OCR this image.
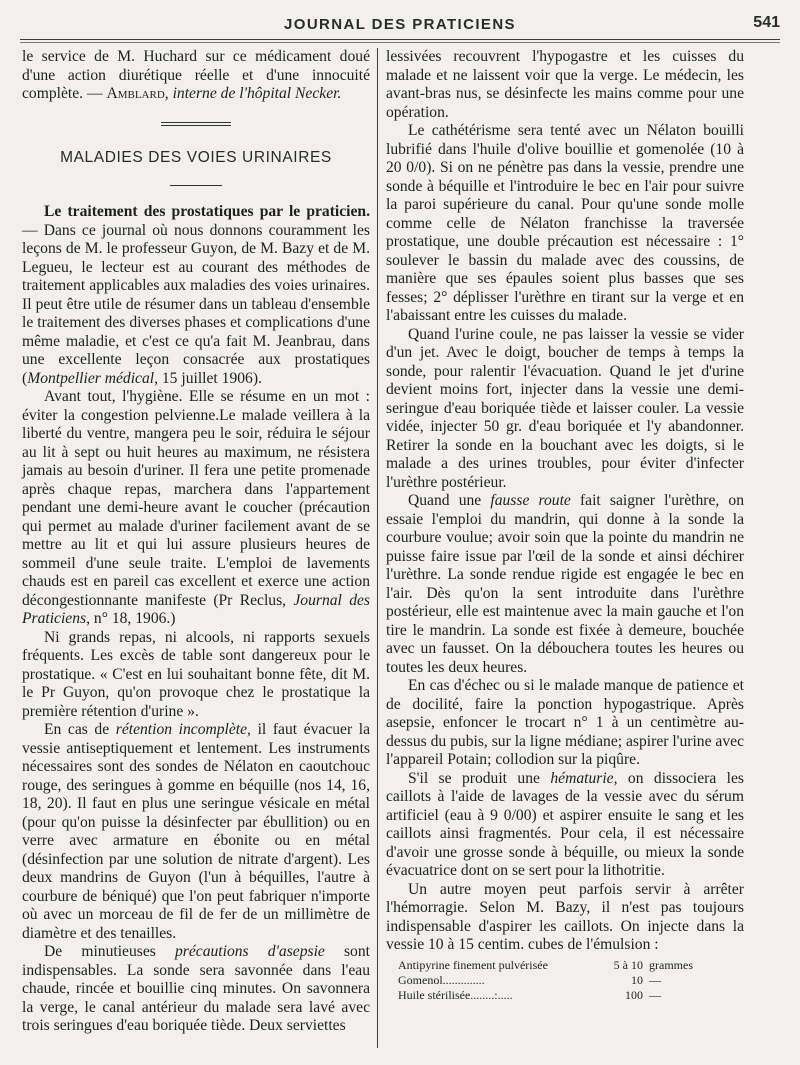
JOURNAL DES PRATICIENS	541

le service de M. Huchard sur ce médicament doué d'une action diurétique réelle et d'une innocuité complète. — Amblard, interne de l'hôpital Necker.

MALADIES DES VOIES URINAIRES

Le traitement des prostatiques par le praticien. — Dans ce journal où nous donnons couramment les leçons de M. le professeur Guyon, de M. Bazy et de M. Legueu, le lecteur est au courant des méthodes de traitement applicables aux maladies des voies urinaires. Il peut être utile de résumer dans un tableau d'ensemble le traitement des diverses phases et complications d'une même maladie, et c'est ce qu'a fait M. Jeanbrau, dans une excellente leçon consacrée aux prostatiques (Montpellier médical, 15 juillet 1906).

Avant tout, l'hygiène. Elle se résume en un mot : éviter la congestion pelvienne.Le malade veillera à la liberté du ventre, mangera peu le soir, réduira le séjour au lit à sept ou huit heures au maximum, ne résistera jamais au besoin d'uriner. Il fera une petite promenade après chaque repas, marchera dans l'appartement pendant une demi-heure avant le coucher (précaution qui permet au malade d'uriner facilement avant de se mettre au lit et qui lui assure plusieurs heures de sommeil d'une seule traite. L'emploi de lavements chauds est en pareil cas excellent et exerce une action décongestionnante manifeste (Pr Reclus, Journal des Praticiens, n° 18, 1906.)

Ni grands repas, ni alcools, ni rapports sexuels fréquents. Les excès de table sont dangereux pour le prostatique. « C'est en lui souhaitant bonne fête, dit M. le Pr Guyon, qu'on provoque chez le prostatique la première rétention d'urine ».

En cas de rétention incomplète, il faut évacuer la vessie antiseptiquement et lentement. Les instruments nécessaires sont des sondes de Nélaton en caoutchouc rouge, des seringues à gomme en béquille (nos 14, 16, 18, 20). Il faut en plus une seringue vésicale en métal (pour qu'on puisse la désinfecter par ébullition) ou en verre avec armature en ébonite ou en métal (désinfection par une solution de nitrate d'argent). Les deux mandrins de Guyon (l'un à béquilles, l'autre à courbure de béniqué) que l'on peut fabriquer n'importe où avec un morceau de fil de fer de un millimètre de diamètre et des tenailles.

De minutieuses précautions d'asepsie sont indispensables. La sonde sera savonnée dans l'eau chaude, rincée et bouillie cinq minutes. On savonnera la verge, le canal antérieur du malade sera lavé avec trois seringues d'eau boriquée tiède. Deux serviettes

lessivées recouvrent l'hypogastre et les cuisses du malade et ne laissent voir que la verge. Le médecin, les avant-bras nus, se désinfecte les mains comme pour une opération.

Le cathétérisme sera tenté avec un Nélaton bouilli lubrifié dans l'huile d'olive bouillie et gomenolée (10 à 20 0/0). Si on ne pénètre pas dans la vessie, prendre une sonde à béquille et l'introduire le bec en l'air pour suivre la paroi supérieure du canal. Pour qu'une sonde molle comme celle de Nélaton franchisse la traversée prostatique, une double précaution est nécessaire : 1° soulever le bassin du malade avec des coussins, de manière que ses épaules soient plus basses que ses fesses; 2° déplisser l'urèthre en tirant sur la verge et en l'abaissant entre les cuisses du malade.

Quand l'urine coule, ne pas laisser la vessie se vider d'un jet. Avec le doigt, boucher de temps à temps la sonde, pour ralentir l'évacuation. Quand le jet d'urine devient moins fort, injecter dans la vessie une demi-seringue d'eau boriquée tiède et laisser couler. La vessie vidée, injecter 50 gr. d'eau boriquée et l'y abandonner. Retirer la sonde en la bouchant avec les doigts, si le malade a des urines troubles, pour éviter d'infecter l'urèthre postérieur.

Quand une fausse route fait saigner l'urèthre, on essaie l'emploi du mandrin, qui donne à la sonde la courbure voulue; avoir soin que la pointe du mandrin ne puisse faire issue par l'œil de la sonde et ainsi déchirer l'urèthre. La sonde rendue rigide est engagée le bec en l'air. Dès qu'on la sent introduite dans l'urèthre postérieur, elle est maintenue avec la main gauche et l'on tire le mandrin. La sonde est fixée à demeure, bouchée avec un fausset. On la débouchera toutes les heures ou toutes les deux heures.

En cas d'échec ou si le malade manque de patience et de docilité, faire la ponction hypogastrique. Après asepsie, enfoncer le trocart n° 1 à un centimètre au-dessus du pubis, sur la ligne médiane; aspirer l'urine avec l'appareil Potain; collodion sur la piqûre.

S'il se produit une hématurie, on dissociera les caillots à l'aide de lavages de la vessie avec du sérum artificiel (eau à 9 0/00) et aspirer ensuite le sang et les caillots ainsi fragmentés. Pour cela, il est nécessaire d'avoir une grosse sonde à béquille, ou mieux la sonde évacuatrice dont on se sert pour la lithotritie.

Un autre moyen peut parfois servir à arrêter l'hémorragie. Selon M. Bazy, il n'est pas toujours indispensable d'aspirer les caillots. On injecte dans la vessie 10 à 15 centim. cubes de l'émulsion :

Antipyrine finement pulvérisée	5 à 10 grammes
Gomenol..............	10 —
Huile stérilisée........:.....	100 —
